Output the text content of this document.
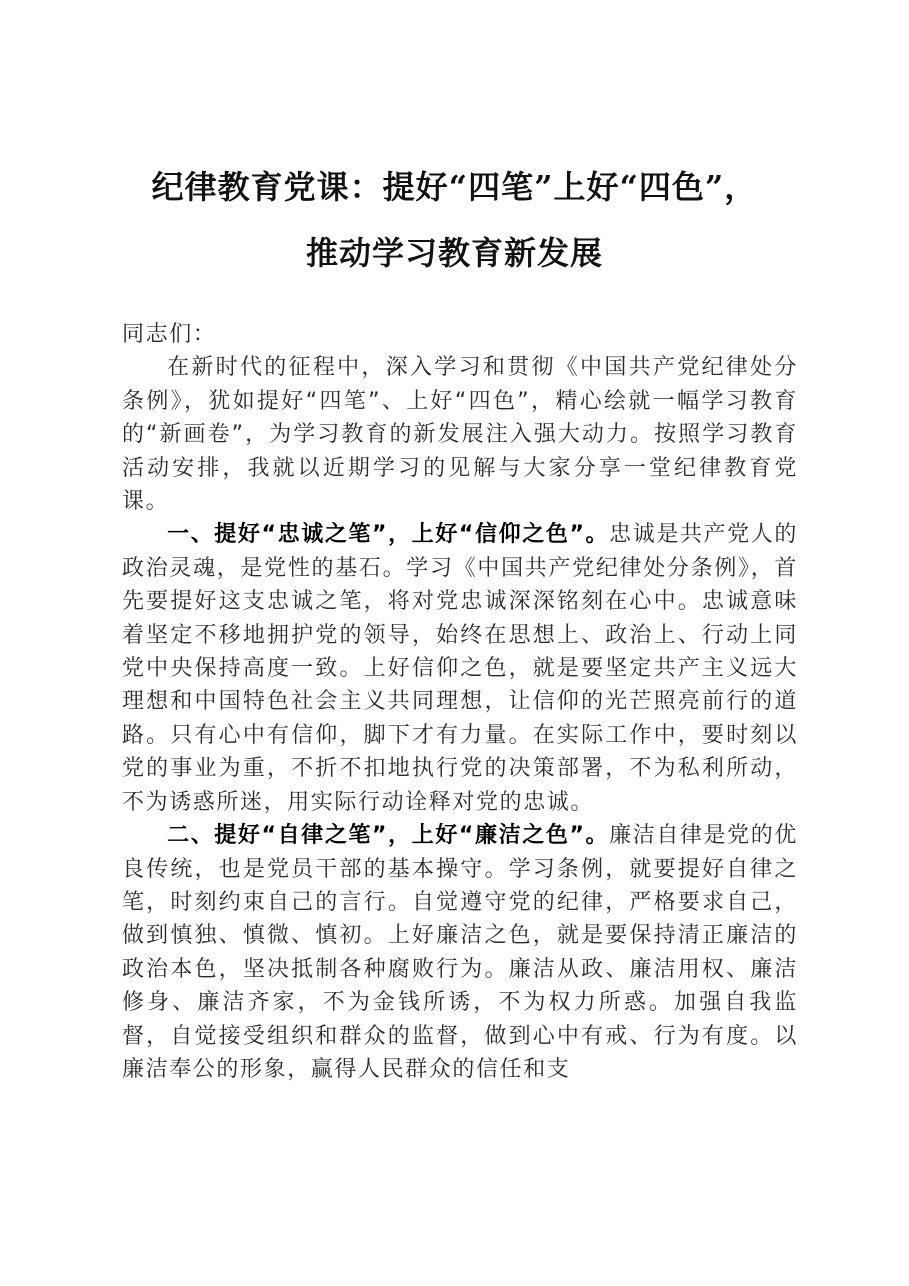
纪律教育党课：提好“四笔”上好“四色”，
推动学习教育新发展

同志们：

在新时代的征程中，深入学习和贯彻《中国共产党纪律处分条例》，犹如提好“四笔”、上好“四色”，精心绘就一幅学习教育的“新画卷”，为学习教育的新发展注入强大动力。按照学习教育活动安排，我就以近期学习的见解与大家分享一堂纪律教育党课。

一、提好“忠诚之笔”，上好“信仰之色”。忠诚是共产党人的政治灵魂，是党性的基石。学习《中国共产党纪律处分条例》，首先要提好这支忠诚之笔，将对党忠诚深深铭刻在心中。忠诚意味着坚定不移地拥护党的领导，始终在思想上、政治上、行动上同党中央保持高度一致。上好信仰之色，就是要坚定共产主义远大理想和中国特色社会主义共同理想，让信仰的光芒照亮前行的道路。只有心中有信仰，脚下才有力量。在实际工作中，要时刻以党的事业为重，不折不扣地执行党的决策部署，不为私利所动，不为诱惑所迷，用实际行动诠释对党的忠诚。

二、提好“自律之笔”，上好“廉洁之色”。廉洁自律是党的优良传统，也是党员干部的基本操守。学习条例，就要提好自律之笔，时刻约束自己的言行。自觉遵守党的纪律，严格要求自己，做到慎独、慎微、慎初。上好廉洁之色，就是要保持清正廉洁的政治本色，坚决抵制各种腐败行为。廉洁从政、廉洁用权、廉洁修身、廉洁齐家，不为金钱所诱，不为权力所惑。加强自我监督，自觉接受组织和群众的监督，做到心中有戒、行为有度。以廉洁奉公的形象，赢得人民群众的信任和支
